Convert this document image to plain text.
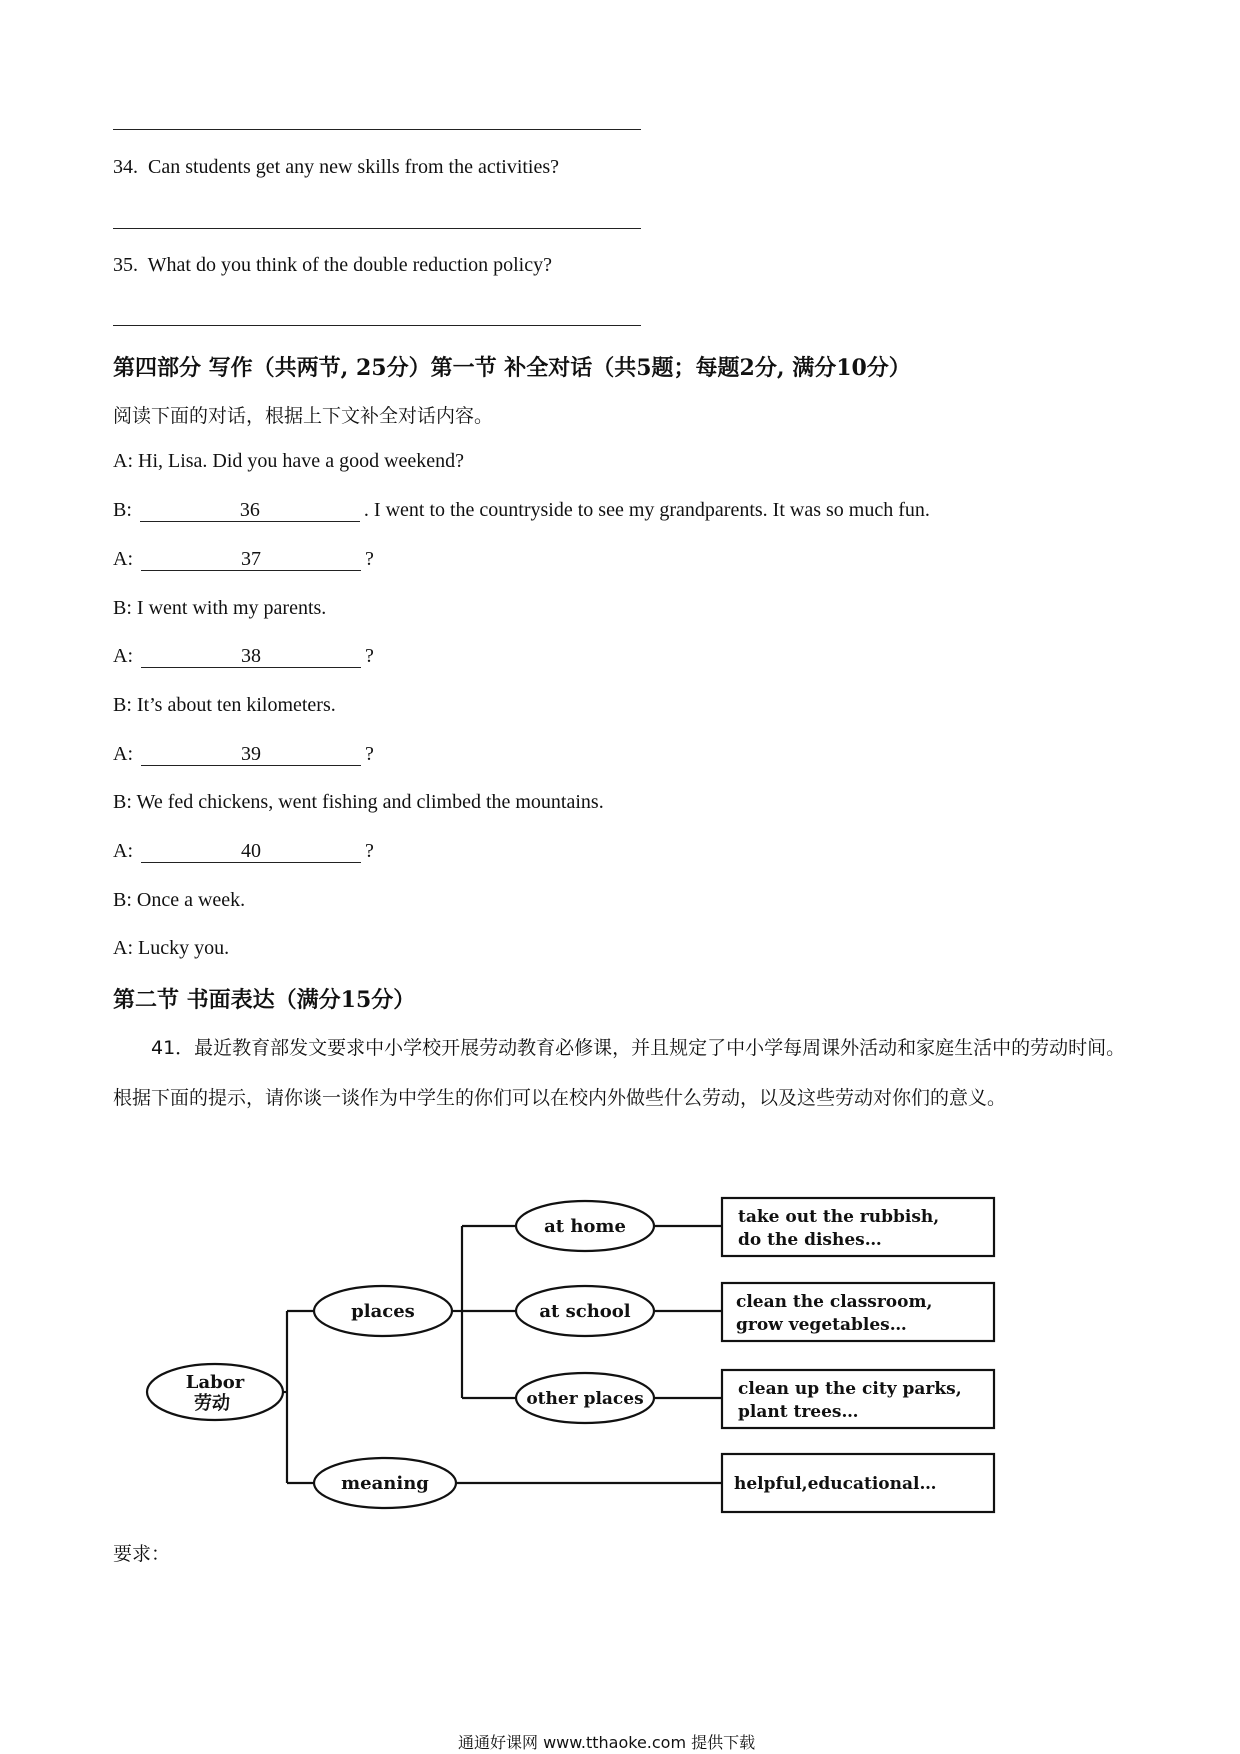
34. Can students get any new skills from the activities?
35. What do you think of the double reduction policy?
第四部分 写作（共两节, 25分）第一节 补全对话（共5题；每题2分, 满分10分）
阅读下面的对话，根据上下文补全对话内容。
A: Hi, Lisa. Did you have a good weekend?
B:	36	. I went to the countryside to see my grandparents. It was so much fun.
A:	37	?
B: I went with my parents.
A:	38	?
B: It’s about ten kilometers.
A:	39	?
B: We fed chickens, went fishing and climbed the mountains.
A:	40	?
B: Once a week.
A: Lucky you.
第二节 书面表达（满分15分）
41．最近教育部发文要求中小学校开展劳动教育必修课，并且规定了中小学每周课外活动和家庭生活中的劳动时间。根据下面的提示，请你谈一谈作为中学生的你们可以在校内外做些什么劳动，以及这些劳动对你们的意义。
Labor
劳动
places
meaning
at home
at school
other places
take out the rubbish,
do the dishes…
clean the classroom,
grow vegetables…
clean up the city parks,
plant trees…
helpful,educational…
要求：
通通好课网 www.tthaoke.com 提供下载
